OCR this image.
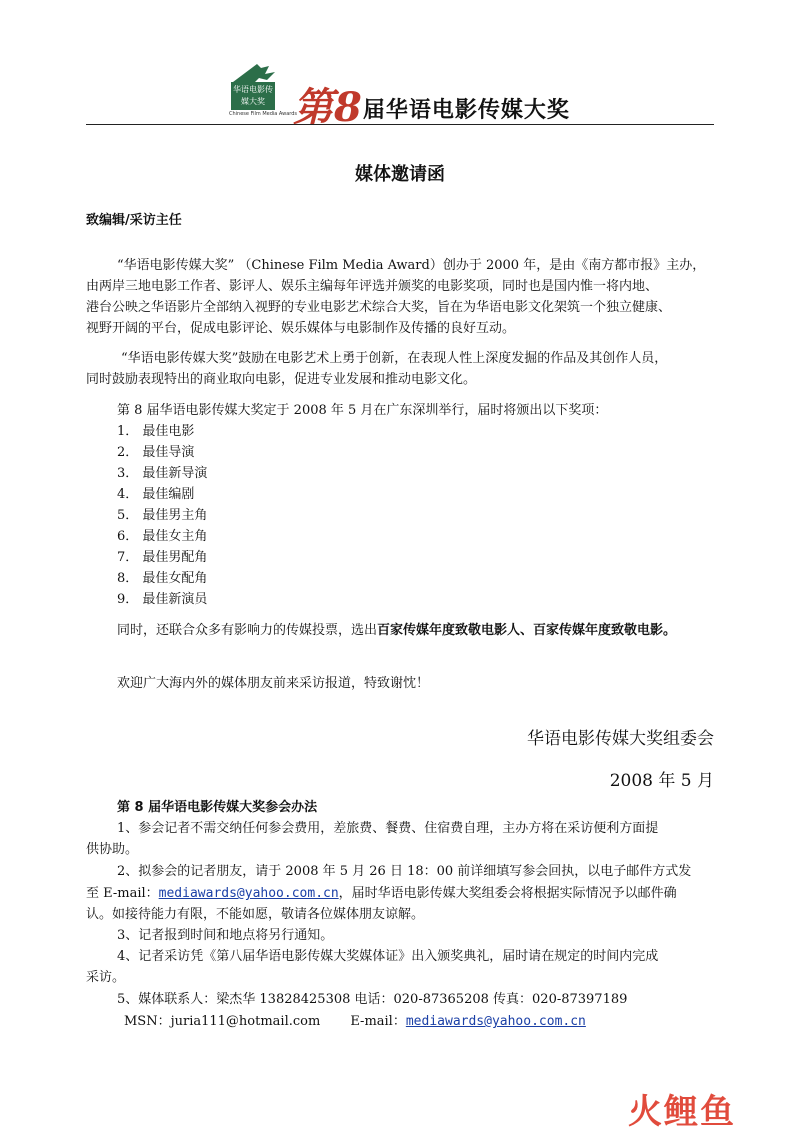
华语电影传媒大奖
Chinese Film Media Awards
第8届华语电影传媒大奖
媒体邀请函
致编辑/采访主任
“华语电影传媒大奖” （Chinese Film Media Award）创办于 2000 年，是由《南方都市报》主办，
由两岸三地电影工作者、影评人、娱乐主编每年评选并颁奖的电影奖项，同时也是国内惟一将内地、
港台公映之华语影片全部纳入视野的专业电影艺术综合大奖，旨在为华语电影文化架筑一个独立健康、
视野开阔的平台，促成电影评论、娱乐媒体与电影制作及传播的良好互动。
“华语电影传媒大奖”鼓励在电影艺术上勇于创新，在表现人性上深度发掘的作品及其创作人员，
同时鼓励表现特出的商业取向电影，促进专业发展和推动电影文化。
第 8 届华语电影传媒大奖定于 2008 年 5 月在广东深圳举行，届时将颁出以下奖项：
1． 最佳电影
2． 最佳导演
3． 最佳新导演
4． 最佳编剧
5． 最佳男主角
6． 最佳女主角
7． 最佳男配角
8． 最佳女配角
9． 最佳新演员
同时，还联合众多有影响力的传媒投票，选出百家传媒年度致敬电影人、百家传媒年度致敬电影。
欢迎广大海内外的媒体朋友前来采访报道，特致谢忱！
华语电影传媒大奖组委会
2008 年 5 月
第 8 届华语电影传媒大奖参会办法
1、参会记者不需交纳任何参会费用，差旅费、餐费、住宿费自理，主办方将在采访便利方面提
供协助。
2、拟参会的记者朋友，请于 2008 年 5 月 26 日 18：00 前详细填写参会回执，以电子邮件方式发
至 E-mail：mediawards@yahoo.com.cn，届时华语电影传媒大奖组委会将根据实际情况予以邮件确
认。如接待能力有限，不能如愿，敬请各位媒体朋友谅解。
3、记者报到时间和地点将另行通知。
4、记者采访凭《第八届华语电影传媒大奖媒体证》出入颁奖典礼，届时请在规定的时间内完成
采访。
5、媒体联系人：梁杰华 13828425308 电话：020-87365208 传真：020-87397189
MSN：juria111@hotmail.com E-mail：mediawards@yahoo.com.cn
火鲤鱼
